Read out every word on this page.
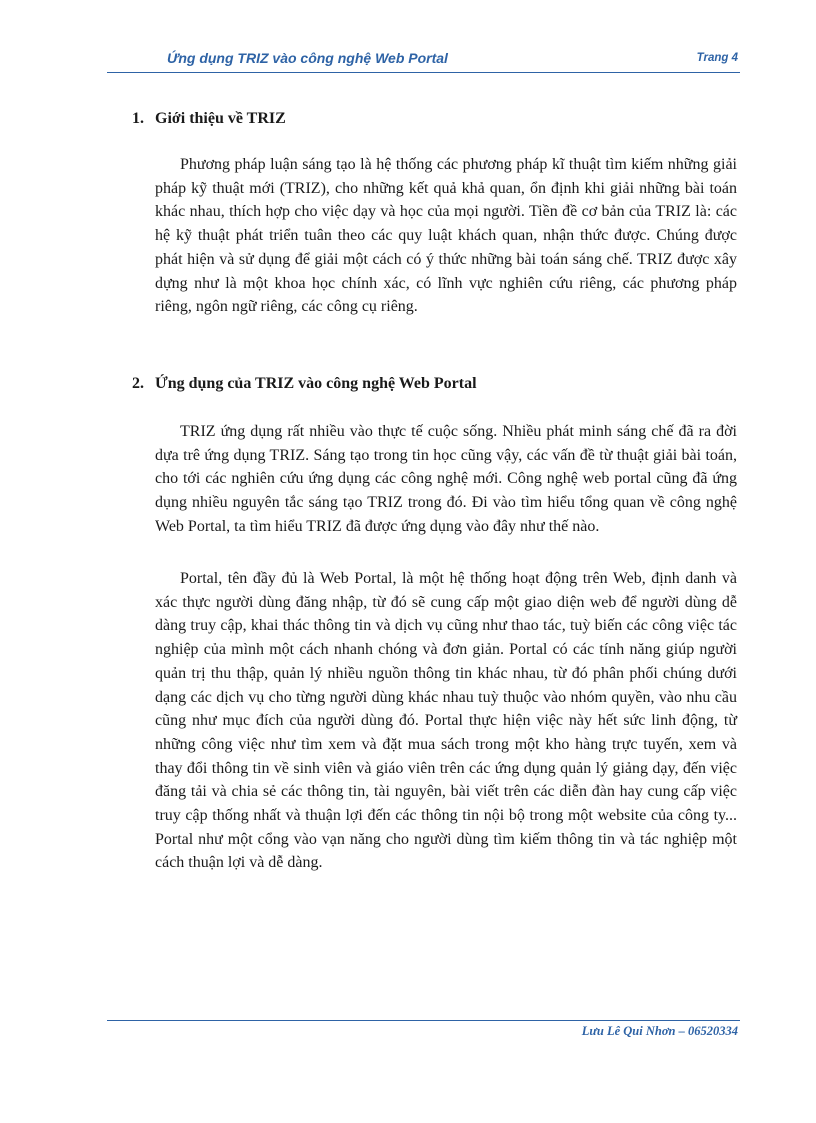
Ứng dụng TRIZ vào công nghệ Web Portal	Trang 4
1. Giới thiệu về TRIZ

Phương pháp luận sáng tạo là hệ thống các phương pháp kĩ thuật tìm kiếm những giải pháp kỹ thuật mới (TRIZ), cho những kết quả khả quan, ổn định khi giải những bài toán khác nhau, thích hợp cho việc dạy và học của mọi người. Tiền đề cơ bản của TRIZ là: các hệ kỹ thuật phát triển tuân theo các quy luật khách quan, nhận thức được. Chúng được phát hiện và sử dụng để giải một cách có ý thức những bài toán sáng chế. TRIZ được xây dựng như là một khoa học chính xác, có lĩnh vực nghiên cứu riêng, các phương pháp riêng, ngôn ngữ riêng, các công cụ riêng.

2. Ứng dụng của TRIZ vào công nghệ Web Portal

TRIZ ứng dụng rất nhiều vào thực tế cuộc sống. Nhiều phát minh sáng chế đã ra đời dựa trê ứng dụng TRIZ. Sáng tạo trong tin học cũng vậy, các vấn đề từ thuật giải bài toán, cho tới các nghiên cứu ứng dụng các công nghệ mới. Công nghệ web portal cũng đã ứng dụng nhiều nguyên tắc sáng tạo TRIZ trong đó. Đi vào tìm hiểu tổng quan về công nghệ Web Portal, ta tìm hiểu TRIZ đã được ứng dụng vào đây như thế nào.

Portal, tên đầy đủ là Web Portal, là một hệ thống hoạt động trên Web, định danh và xác thực người dùng đăng nhập, từ đó sẽ cung cấp một giao diện web để người dùng dễ dàng truy cập, khai thác thông tin và dịch vụ cũng như thao tác, tuỳ biến các công việc tác nghiệp của mình một cách nhanh chóng và đơn giản. Portal có các tính năng giúp người quản trị thu thập, quản lý nhiều nguồn thông tin khác nhau, từ đó phân phối chúng dưới dạng các dịch vụ cho từng người dùng khác nhau tuỳ thuộc vào nhóm quyền, vào nhu cầu cũng như mục đích của người dùng đó. Portal thực hiện việc này hết sức linh động, từ những công việc như tìm xem và đặt mua sách trong một kho hàng trực tuyến, xem và thay đổi thông tin về sinh viên và giáo viên trên các ứng dụng quản lý giảng dạy, đến việc đăng tải và chia sẻ các thông tin, tài nguyên, bài viết trên các diễn đàn hay cung cấp việc truy cập thống nhất và thuận lợi đến các thông tin nội bộ trong một website của công ty... Portal như một cổng vào vạn năng cho người dùng tìm kiếm thông tin và tác nghiệp một cách thuận lợi và dễ dàng.

Lưu Lê Qui Nhơn – 06520334
